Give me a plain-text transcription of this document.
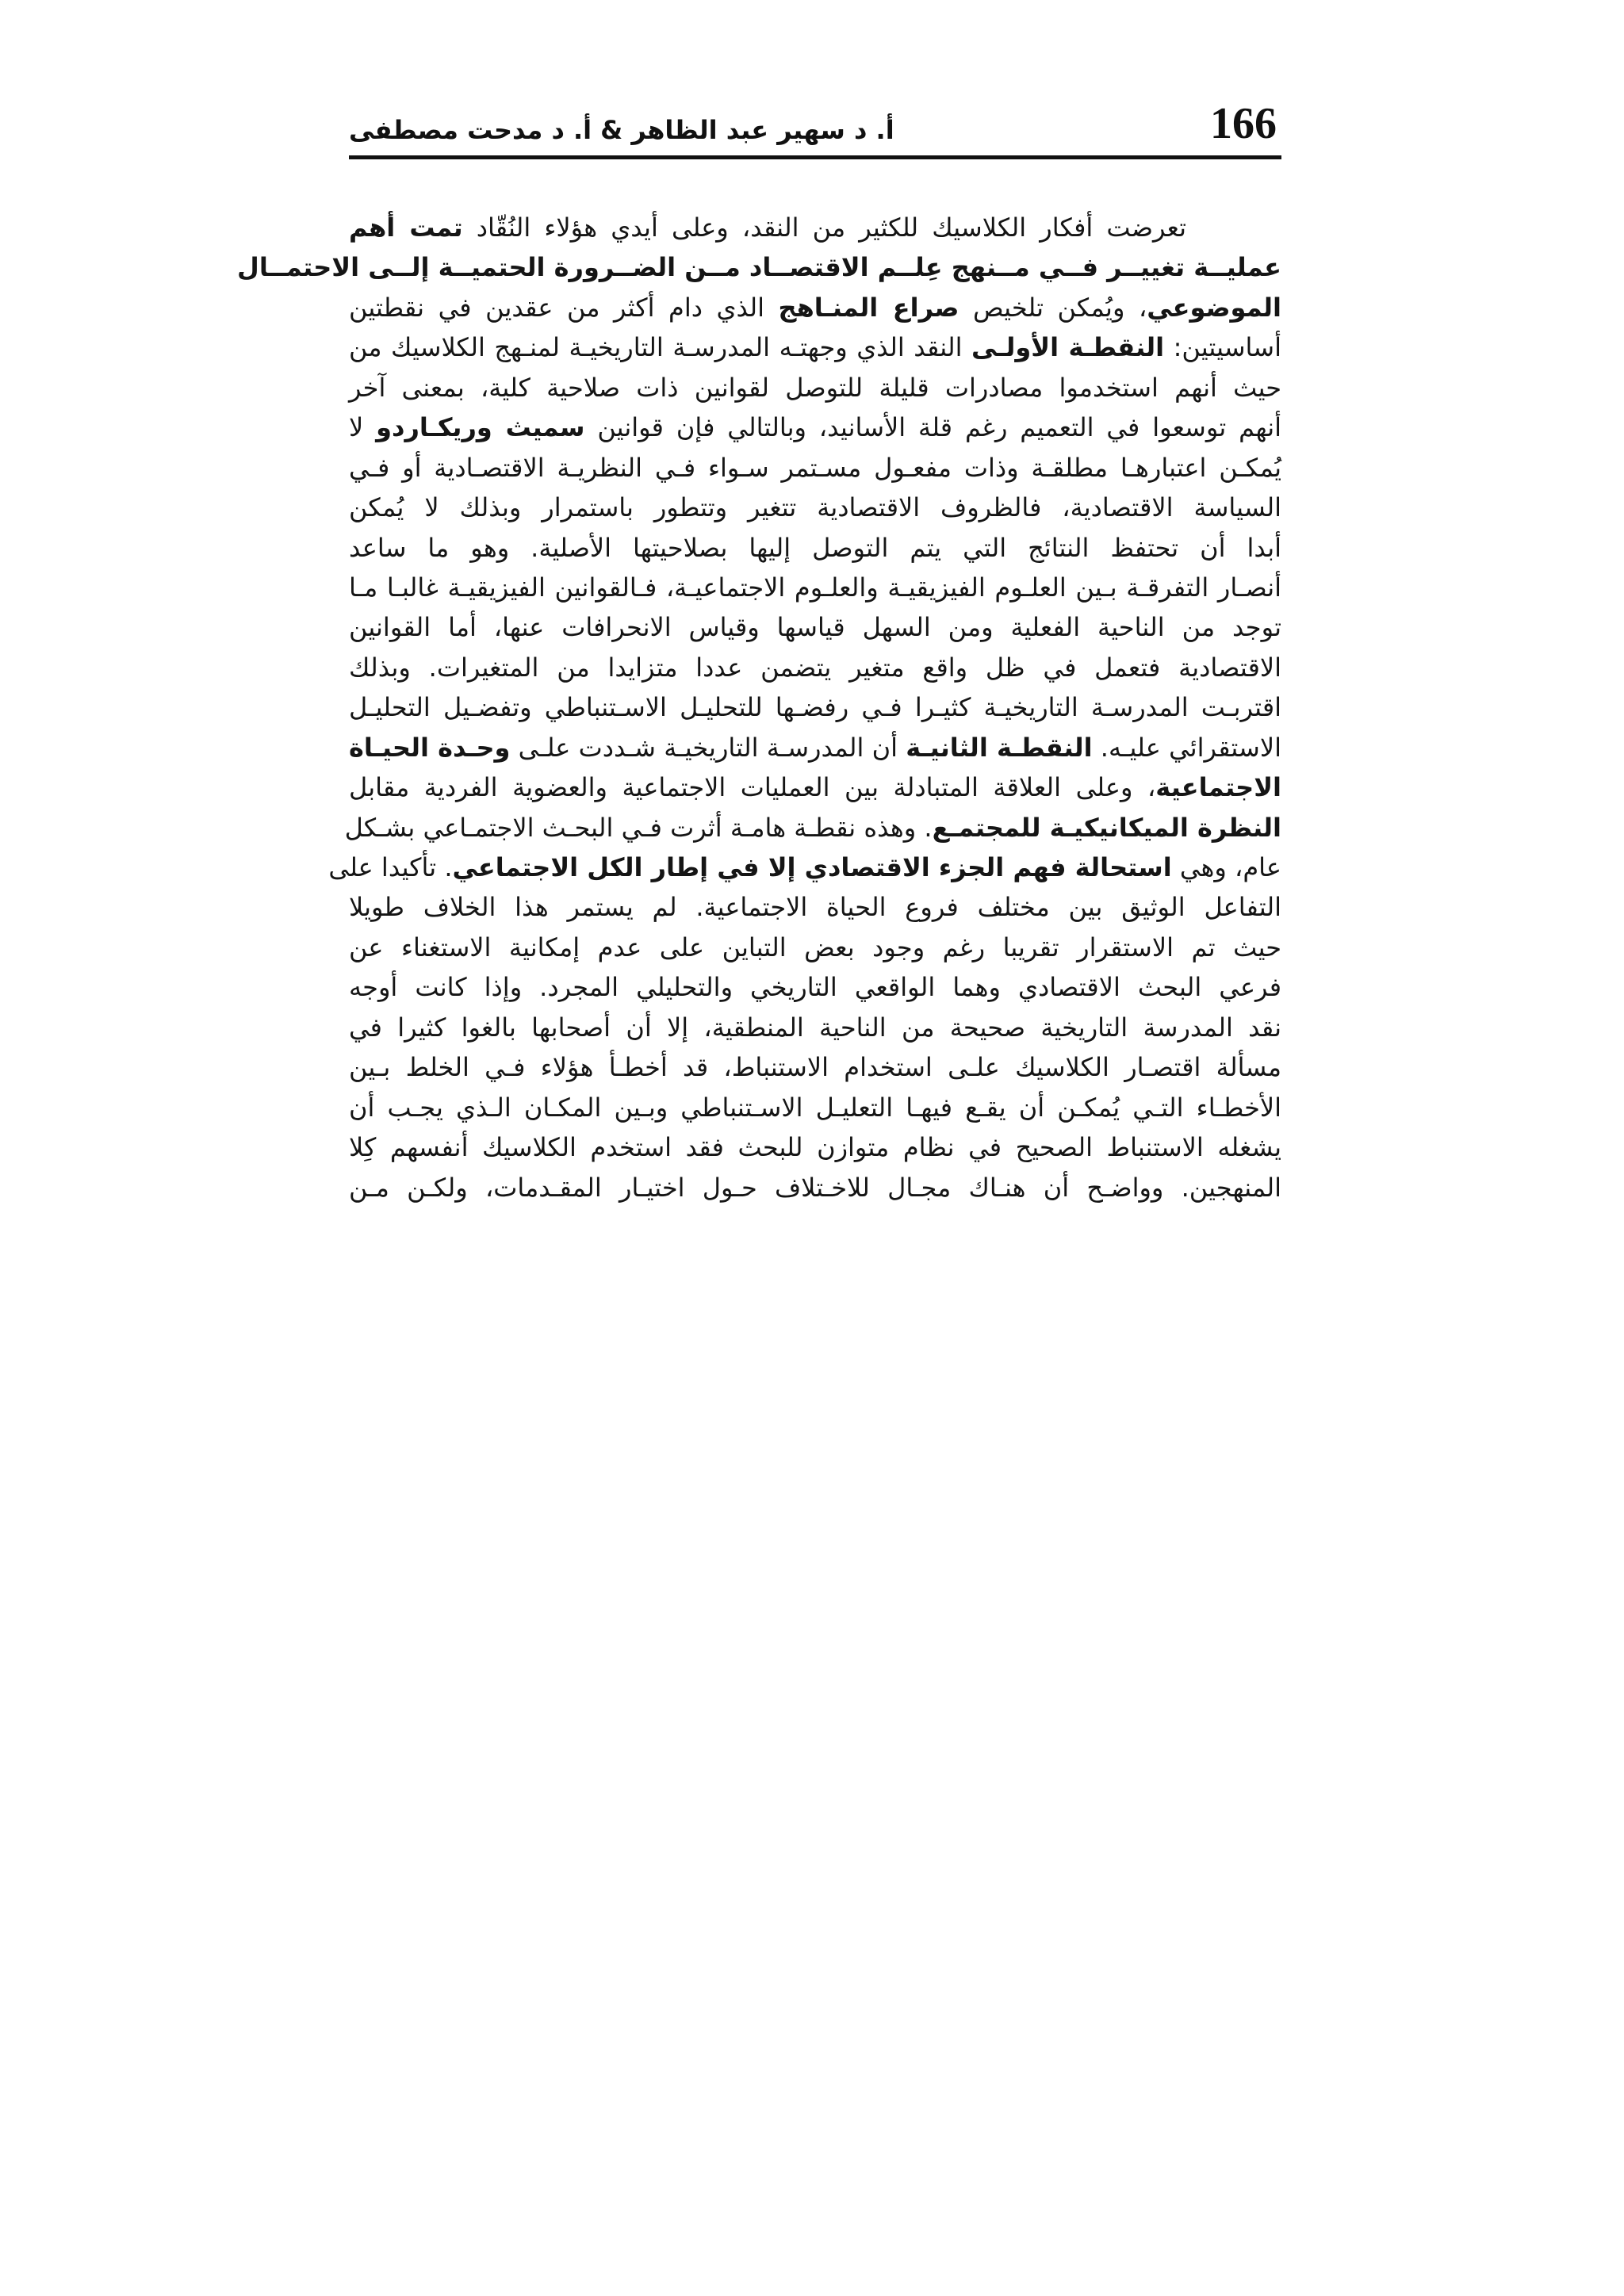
166
أ. د سهير عبد الظاهر & أ. د مدحت مصطفى
تعرضت أفكار الكلاسيك للكثير من النقد، وعلى أيدي هؤلاء النُقّاد تمت أهم
عمليــة تغييــر فــي مــنهج عِلــم الاقتصــاد مــن الضــرورة الحتميــة إلــى الاحتمــال
الموضوعي، ويُمكن تلخيص صراع المنـاهج الذي دام أكثر من عقدين في نقطتين
أساسيتين: النقطـة الأولـى النقد الذي وجهتـه المدرسـة التاريخيـة لمنـهج الكلاسيك من
حيث أنهم استخدموا مصادرات قليلة للتوصل لقوانين ذات صلاحية كلية، بمعنى آخر
أنهم توسعوا في التعميم رغم قلة الأسانيد، وبالتالي فإن قوانين سميث وريكـاردو لا
يُمكـن اعتبارهـا مطلقـة وذات مفعـول مسـتمر سـواء فـي النظريـة الاقتصـادية أو فـي
السياسة الاقتصادية، فالظروف الاقتصادية تتغير وتتطور باستمرار وبذلك لا يُمكن
أبدا أن تحتفظ النتائج التي يتم التوصل إليها بصلاحيتها الأصلية. وهو ما ساعد
أنصـار التفرقـة بـين العلـوم الفيزيقيـة والعلـوم الاجتماعيـة، فـالقوانين الفيزيقيـة غالبـا مـا
توجد من الناحية الفعلية ومن السهل قياسها وقياس الانحرافات عنها، أما القوانين
الاقتصادية فتعمل في ظل واقع متغير يتضمن عددا متزايدا من المتغيرات. وبذلك
اقتربـت المدرسـة التاريخيـة كثيـرا فـي رفضـها للتحليـل الاسـتنباطي وتفضـيل التحليـل
الاستقرائي عليـه. النقطـة الثانيـة أن المدرسـة التاريخيـة شـددت علـى وحـدة الحيـاة
الاجتماعية، وعلى العلاقة المتبادلة بين العمليات الاجتماعية والعضوية الفردية مقابل
النظرة الميكانيكيـة للمجتمـع. وهذه نقطـة هامـة أثرت فـي البحـث الاجتمـاعي بشـكل
عام، وهي استحالة فهم الجزء الاقتصادي إلا في إطار الكل الاجتماعي. تأكيدا على
التفاعل الوثيق بين مختلف فروع الحياة الاجتماعية. لم يستمر هذا الخلاف طويلا
حيث تم الاستقرار تقريبا رغم وجود بعض التباين على عدم إمكانية الاستغناء عن
فرعي البحث الاقتصادي وهما الواقعي التاريخي والتحليلي المجرد. وإذا كانت أوجه
نقد المدرسة التاريخية صحيحة من الناحية المنطقية، إلا أن أصحابها بالغوا كثيرا في
مسألة اقتصـار الكلاسيك علـى استخدام الاستنباط، قد أخطـأ هؤلاء فـي الخلط بـين
الأخطـاء التـي يُمكـن أن يقـع فيهـا التعليـل الاسـتنباطي وبـين المكـان الـذي يجـب أن
يشغله الاستنباط الصحيح في نظام متوازن للبحث فقد استخدم الكلاسيك أنفسهم كِلا
المنهجين. وواضـح أن هنـاك مجـال للاخـتلاف حـول اختيـار المقـدمات، ولكـن مـن
